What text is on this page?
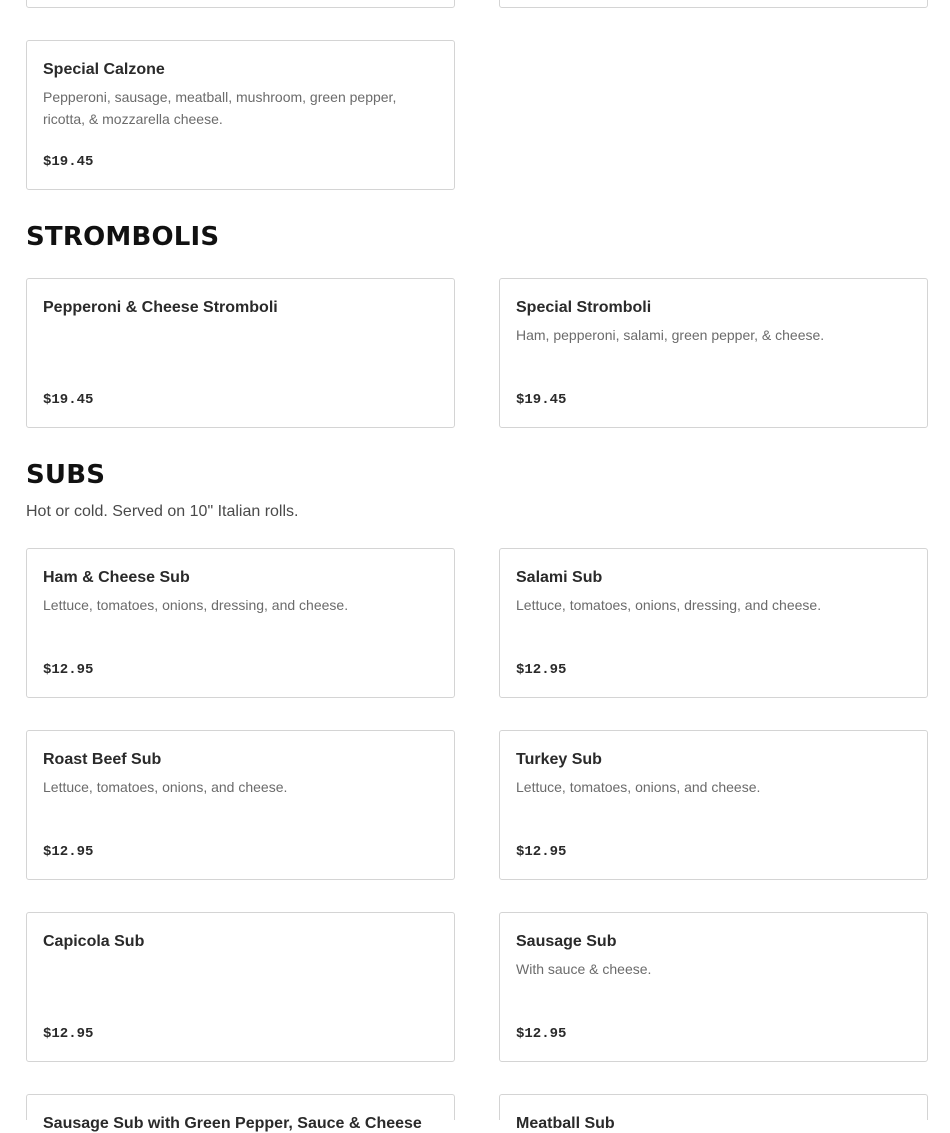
Special Calzone
Pepperoni, sausage, meatball, mushroom, green pepper, ricotta, & mozzarella cheese.
$19.45
STROMBOLIS
Pepperoni & Cheese Stromboli
$19.45
Special Stromboli
Ham, pepperoni, salami, green pepper, & cheese.
$19.45
SUBS
Hot or cold. Served on 10" Italian rolls.
Ham & Cheese Sub
Lettuce, tomatoes, onions, dressing, and cheese.
$12.95
Salami Sub
Lettuce, tomatoes, onions, dressing, and cheese.
$12.95
Roast Beef Sub
Lettuce, tomatoes, onions, and cheese.
$12.95
Turkey Sub
Lettuce, tomatoes, onions, and cheese.
$12.95
Capicola Sub
$12.95
Sausage Sub
With sauce & cheese.
$12.95
Sausage Sub with Green Pepper, Sauce & Cheese	Meatball Sub
